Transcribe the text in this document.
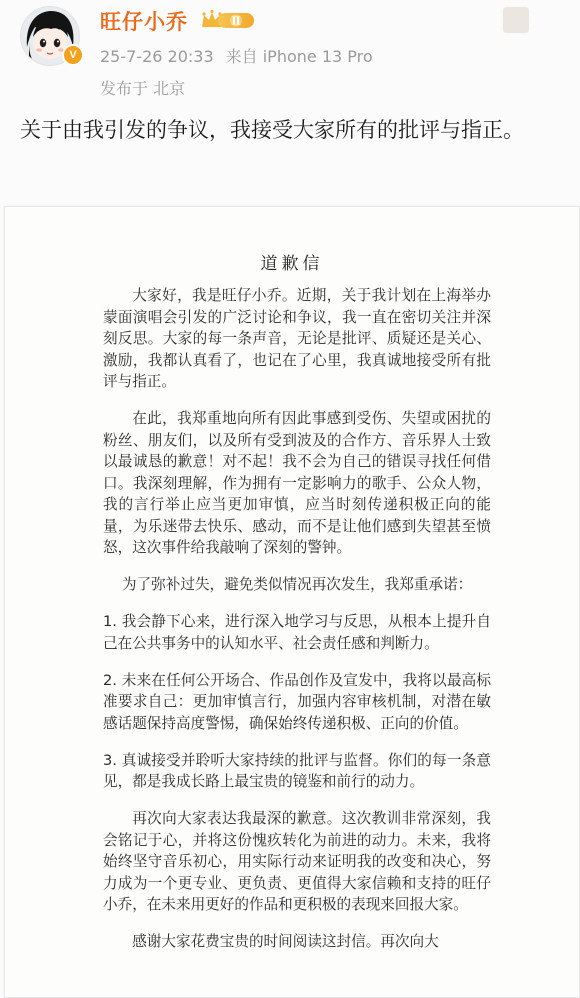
V
旺仔小乔	Ⅱ
25-7-26 20:33 来自 iPhone 13 Pro
发布于 北京
关于由我引发的争议，我接受大家所有的批评与指正。
道歉信

大家好，我是旺仔小乔。近期，关于我计划在上海举办蒙面演唱会引发的广泛讨论和争议，我一直在密切关注并深刻反思。大家的每一条声音，无论是批评、质疑还是关心、激励，我都认真看了，也记在了心里，我真诚地接受所有批评与指正。

在此，我郑重地向所有因此事感到受伤、失望或困扰的粉丝、朋友们，以及所有受到波及的合作方、音乐界人士致以最诚恳的歉意！对不起！我不会为自己的错误寻找任何借口。我深刻理解，作为拥有一定影响力的歌手、公众人物，我的言行举止应当更加审慎，应当时刻传递积极正向的能量，为乐迷带去快乐、感动，而不是让他们感到失望甚至愤怒，这次事件给我敲响了深刻的警钟。

为了弥补过失，避免类似情况再次发生，我郑重承诺：

1. 我会静下心来，进行深入地学习与反思，从根本上提升自己在公共事务中的认知水平、社会责任感和判断力。

2. 未来在任何公开场合、作品创作及宣发中，我将以最高标准要求自己：更加审慎言行，加强内容审核机制，对潜在敏感话题保持高度警惕，确保始终传递积极、正向的价值。

3. 真诚接受并聆听大家持续的批评与监督。你们的每一条意见，都是我成长路上最宝贵的镜鉴和前行的动力。

再次向大家表达我最深的歉意。这次教训非常深刻，我会铭记于心，并将这份愧疚转化为前进的动力。未来，我将始终坚守音乐初心，用实际行动来证明我的改变和决心，努力成为一个更专业、更负责、更值得大家信赖和支持的旺仔小乔，在未来用更好的作品和更积极的表现来回报大家。

感谢大家花费宝贵的时间阅读这封信。再次向大
